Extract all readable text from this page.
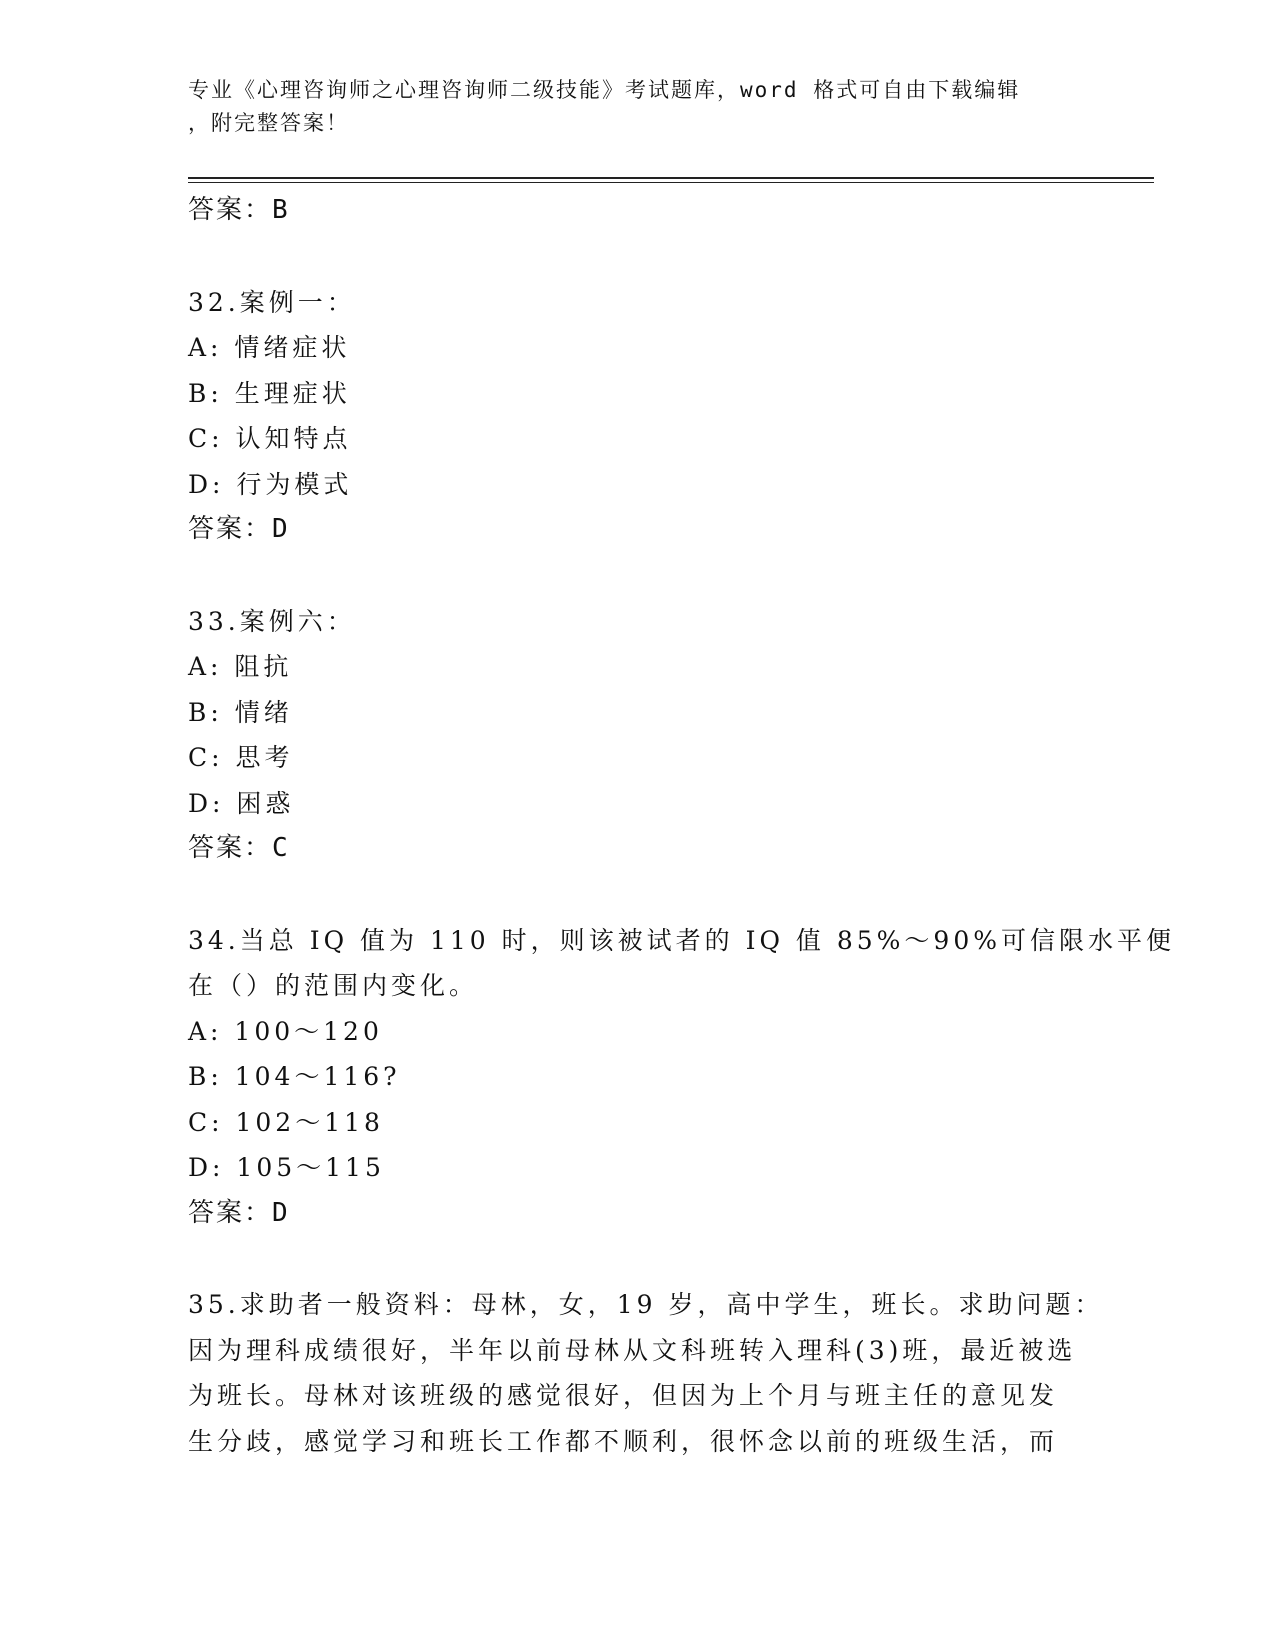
专业《心理咨询师之心理咨询师二级技能》考试题库，word 格式可自由下载编辑
，附完整答案！
答案：B
32.案例一：
A: 情绪症状
B: 生理症状
C: 认知特点
D: 行为模式
答案：D
33.案例六：
A: 阻抗
B: 情绪
C: 思考
D: 困惑
答案：C
34.当总 IQ 值为 110 时，则该被试者的 IQ 值 85%～90%可信限水平便
在（）的范围内变化。
A: 100～120
B: 104～116?
C: 102～118
D: 105～115
答案：D
35.求助者一般资料：母林，女，19 岁，高中学生，班长。求助问题：
因为理科成绩很好，半年以前母林从文科班转入理科(3)班，最近被选
为班长。母林对该班级的感觉很好，但因为上个月与班主任的意见发
生分歧，感觉学习和班长工作都不顺利，很怀念以前的班级生活，而
